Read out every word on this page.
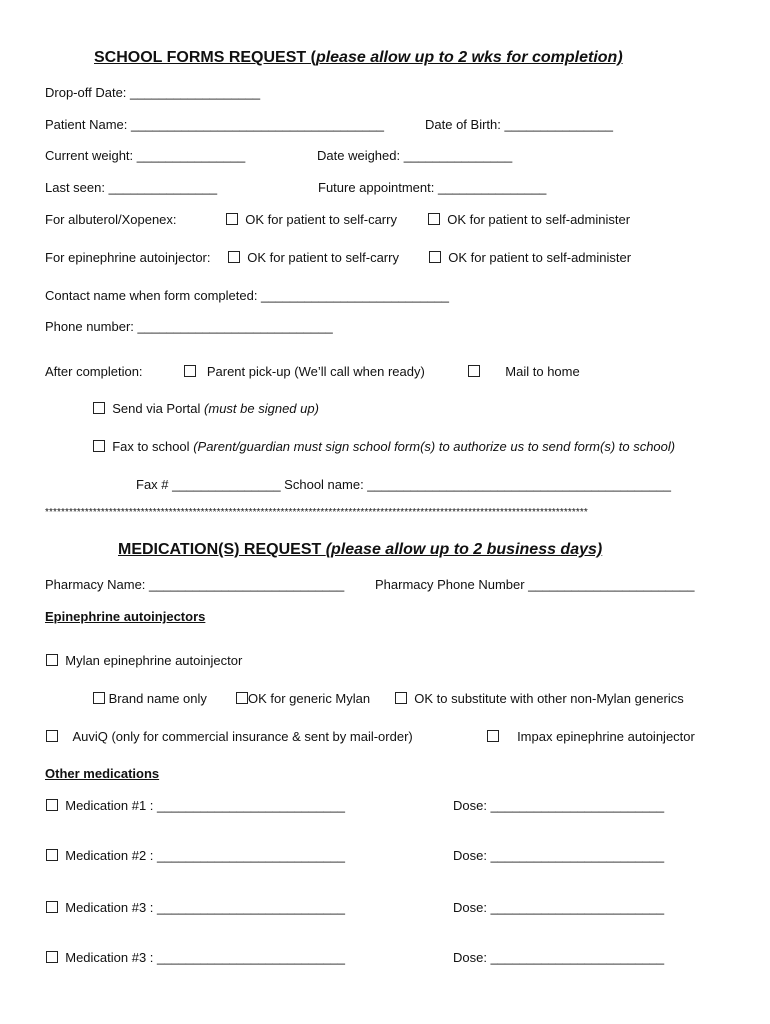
SCHOOL FORMS REQUEST (please allow up to 2 wks for completion)
Drop-off Date: __________________
Patient Name: ___________________________________	Date of Birth: _______________
Current weight: _______________	Date weighed: _______________
Last seen: _______________	Future appointment: _______________
For albuterol/Xopenex:	OK for patient to self-carry	OK for patient to self-administer
For epinephrine autoinjector:	OK for patient to self-carry	OK for patient to self-administer
Contact name when form completed: __________________________
Phone number: ___________________________
After completion:	Parent pick-up (We’ll call when ready)	Mail to home
Send via Portal (must be signed up)
Fax to school (Parent/guardian must sign school form(s) to authorize us to send form(s) to school)
Fax # _______________ School name: __________________________________________
****************************************************************************************************************************************
MEDICATION(S) REQUEST (please allow up to 2 business days)
Pharmacy Name: ___________________________ Pharmacy Phone Number _______________________
Epinephrine autoinjectors
Mylan epinephrine autoinjector
Brand name only	OK for generic Mylan	OK to substitute with other non-Mylan generics
AuviQ (only for commercial insurance & sent by mail-order)	Impax epinephrine autoinjector
Other medications
Medication #1 : __________________________	Dose: ________________________
Medication #2 : __________________________	Dose: ________________________
Medication #3 : __________________________	Dose: ________________________
Medication #3 : __________________________	Dose: ________________________
